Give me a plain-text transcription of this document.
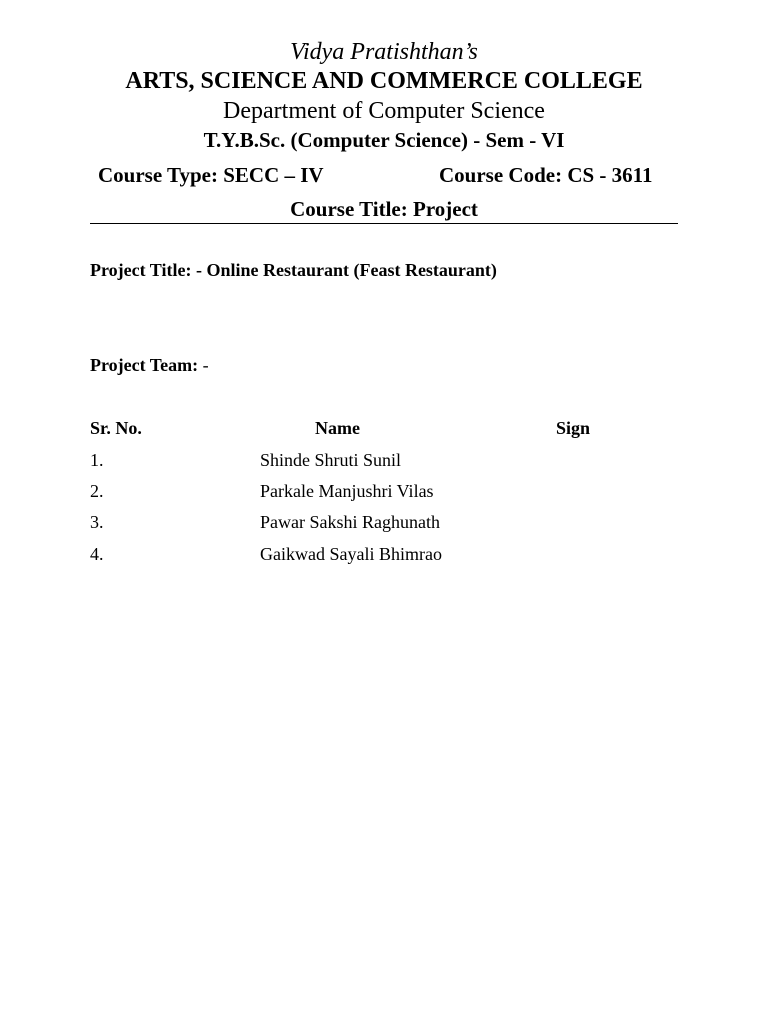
Vidya Pratishthan’s
ARTS, SCIENCE AND COMMERCE COLLEGE
Department of Computer Science
T.Y.B.Sc. (Computer Science) - Sem - VI
Course Type: SECC – IV	Course Code: CS - 3611
Course Title: Project
Project Title: - Online Restaurant (Feast Restaurant)
Project Team: -
Sr. No.	Name	Sign
1.	Shinde Shruti Sunil
2.	Parkale Manjushri Vilas
3.	Pawar Sakshi Raghunath
4.	Gaikwad Sayali Bhimrao
